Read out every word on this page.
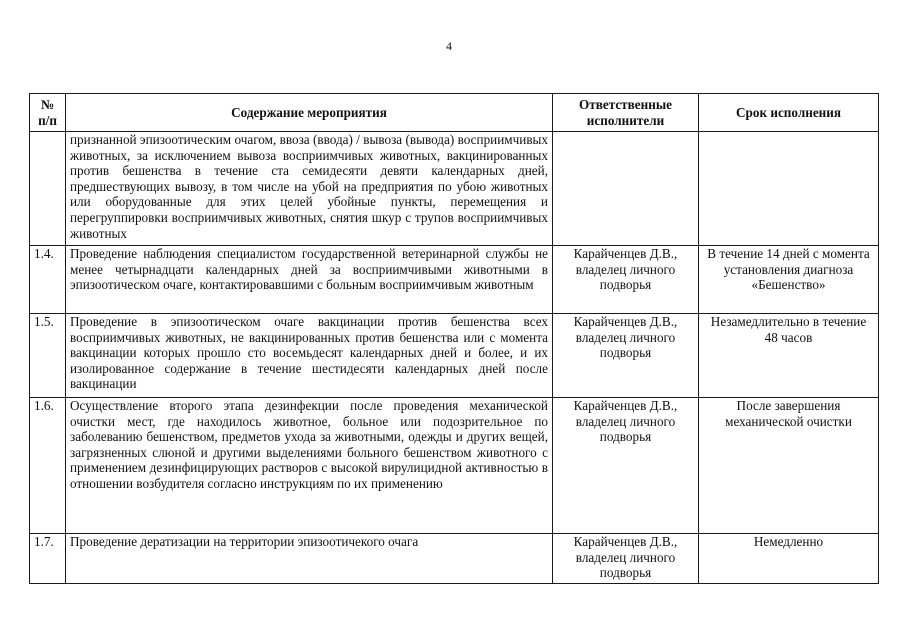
4
№ п/п	Содержание мероприятия	Ответственные исполнители	Срок исполнения
	признанной эпизоотическим очагом, ввоза (ввода) / вывоза (вывода) восприимчивых животных, за исключением вывоза восприимчивых животных, вакцинированных против бешенства в течение ста семидесяти девяти календарных дней, предшествующих вывозу, в том числе на убой на предприятия по убою животных или оборудованные для этих целей убойные пункты, перемещения и перегруппировки восприимчивых животных, снятия шкур с трупов восприимчивых животных		
1.4.	Проведение наблюдения специалистом государственной ветеринарной службы не менее четырнадцати календарных дней за восприимчивыми животными в эпизоотическом очаге, контактировавшими с больным восприимчивым животным	Карайченцев Д.В., владелец личного подворья	В течение 14 дней с момента установления диагноза «Бешенство»
1.5.	Проведение в эпизоотическом очаге вакцинации против бешенства всех восприимчивых животных, не вакцинированных против бешенства или с момента вакцинации которых прошло сто восемьдесят календарных дней и более, и их изолированное содержание в течение шестидесяти календарных дней после вакцинации	Карайченцев Д.В., владелец личного подворья	Незамедлительно в течение 48 часов
1.6.	Осуществление второго этапа дезинфекции после проведения механической очистки мест, где находилось животное, больное или подозрительное по заболеванию бешенством, предметов ухода за животными, одежды и других вещей, загрязненных слюной и другими выделениями больного бешенством животного с применением дезинфицирующих растворов с высокой вирулицидной активностью в отношении возбудителя согласно инструкциям по их применению	Карайченцев Д.В., владелец личного подворья	После завершения механической очистки
1.7.	Проведение дератизации на территории эпизоотичекого очага	Карайченцев Д.В., владелец личного подворья	Немедленно
